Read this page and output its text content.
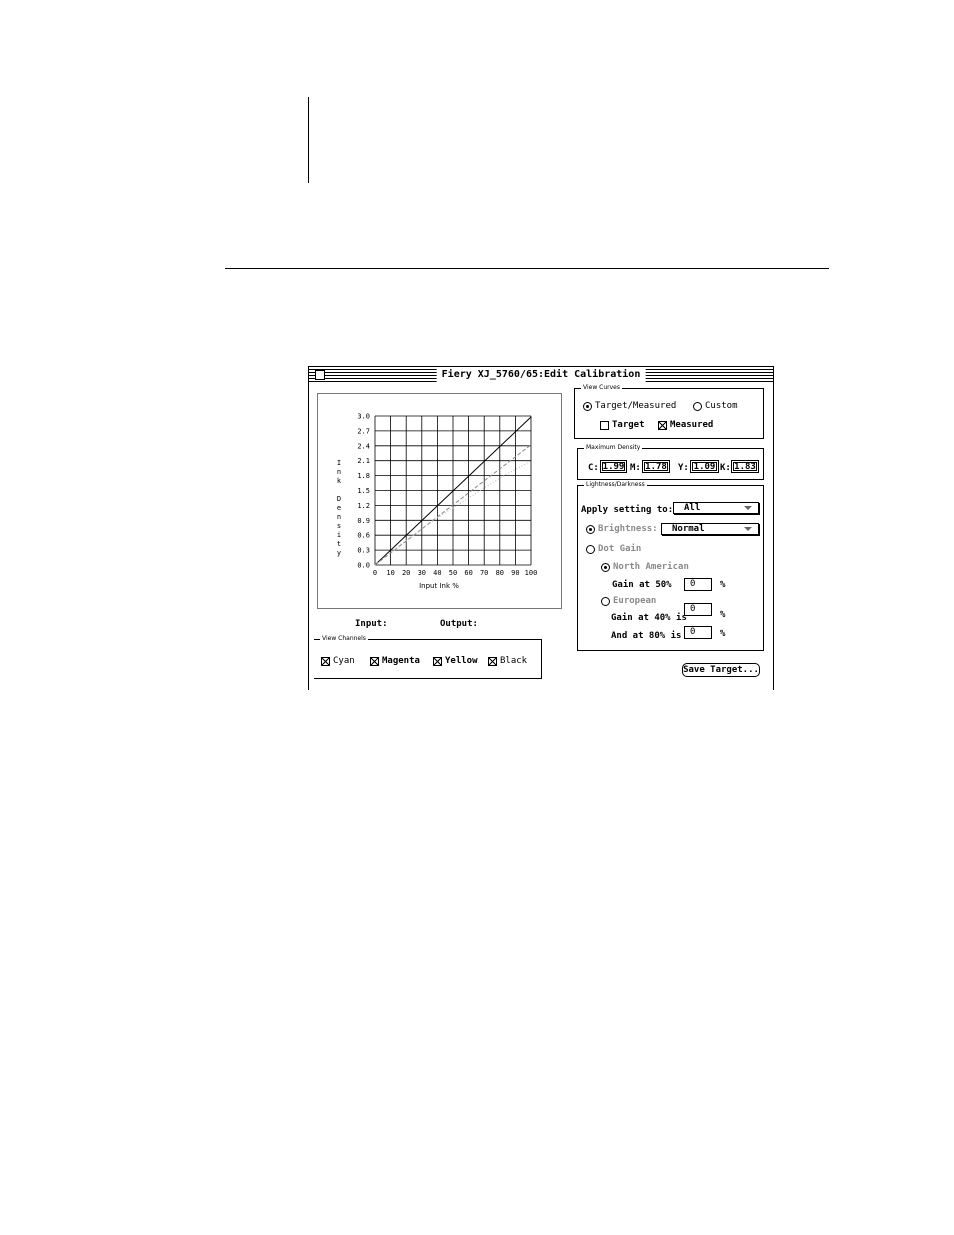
Fiery XJ_5760/65:Edit Calibration
0 10 20 30 40 50 60 70 80 90 100
0.0
0.3
0.6
0.9
1.2
1.5
1.8
2.1
2.4
2.7
3.0
Input Ink %
I
n
k

D
e
n
s
i
t
y
Input:	Output:
View Channels
Cyan	Magenta	Yellow Black
View Curves
Target/Measured	Custom
Target	Measured
Maximum Density
C: 1.99 M: 1.78	Y: 1.09 K: 1.83
Lightness/Darkness
Apply setting to:	All
Brightness:	Normal
Dot Gain
North American
Gain at 50%	0	%
European
Gain at 40% is
0
%
And at 80% is 0	%
Save Target...
